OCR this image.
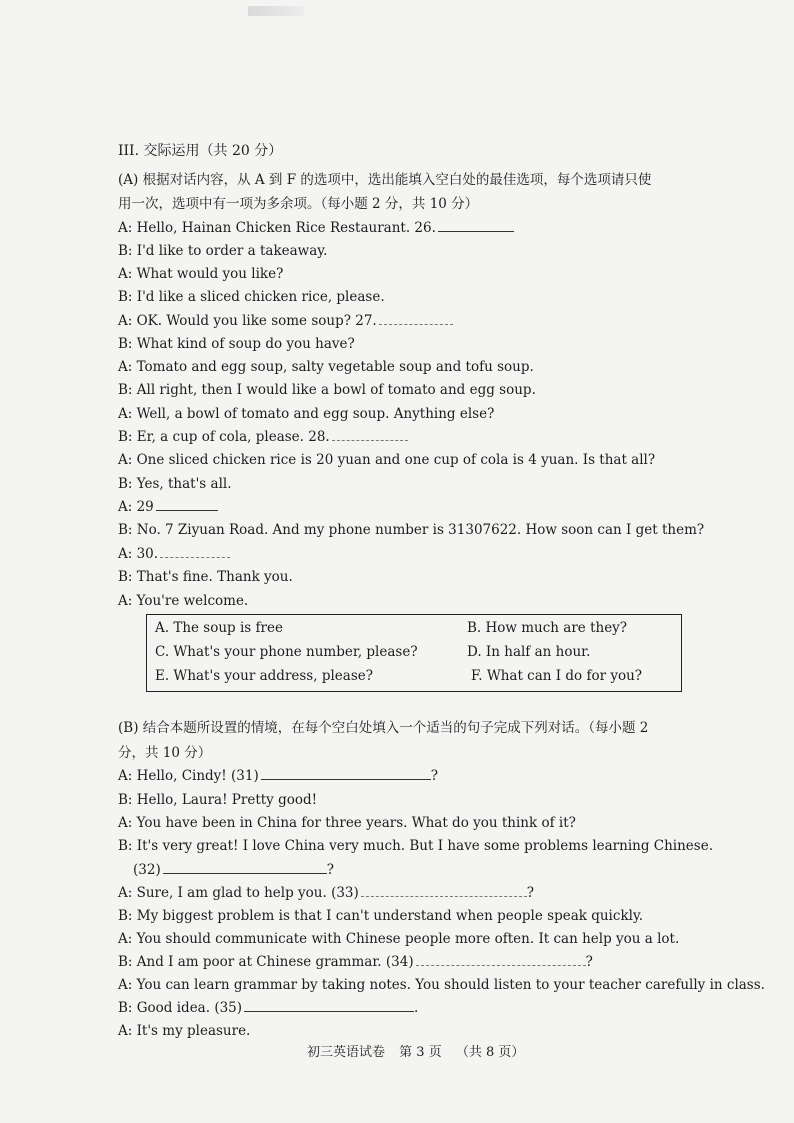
III. 交际运用（共 20 分）
(A) 根据对话内容，从 A 到 F 的选项中，选出能填入空白处的最佳选项，每个选项请只使
用一次，选项中有一项为多余项。（每小题 2 分，共 10 分）
A: Hello, Hainan Chicken Rice Restaurant. 26.
B: I'd like to order a takeaway.
A: What would you like?
B: I'd like a sliced chicken rice, please.
A: OK. Would you like some soup? 27.
B: What kind of soup do you have?
A: Tomato and egg soup, salty vegetable soup and tofu soup.
B: All right, then I would like a bowl of tomato and egg soup.
A: Well, a bowl of tomato and egg soup. Anything else?
B: Er, a cup of cola, please. 28.
A: One sliced chicken rice is 20 yuan and one cup of cola is 4 yuan. Is that all?
B: Yes, that's all.
A: 29
B: No. 7 Ziyuan Road. And my phone number is 31307622. How soon can I get them?
A: 30.
B: That's fine. Thank you.
A: You're welcome.
A. The soup is free	B. How much are they?
C. What's your phone number, please?	D. In half an hour.
E. What's your address, please?	F. What can I do for you?
(B) 结合本题所设置的情境，在每个空白处填入一个适当的句子完成下列对话。（每小题 2
分，共 10 分）
A: Hello, Cindy! (31)	?
B: Hello, Laura! Pretty good!
A: You have been in China for three years. What do you think of it?
B: It's very great! I love China very much. But I have some problems learning Chinese.
(32)	?
A: Sure, I am glad to help you. (33)	?
B: My biggest problem is that I can't understand when people speak quickly.
A: You should communicate with Chinese people more often. It can help you a lot.
B: And I am poor at Chinese grammar. (34)	?
A: You can learn grammar by taking notes. You should listen to your teacher carefully in class.
B: Good idea. (35)	.
A: It's my pleasure.
初三英语试卷 第 3 页 （共 8 页）
